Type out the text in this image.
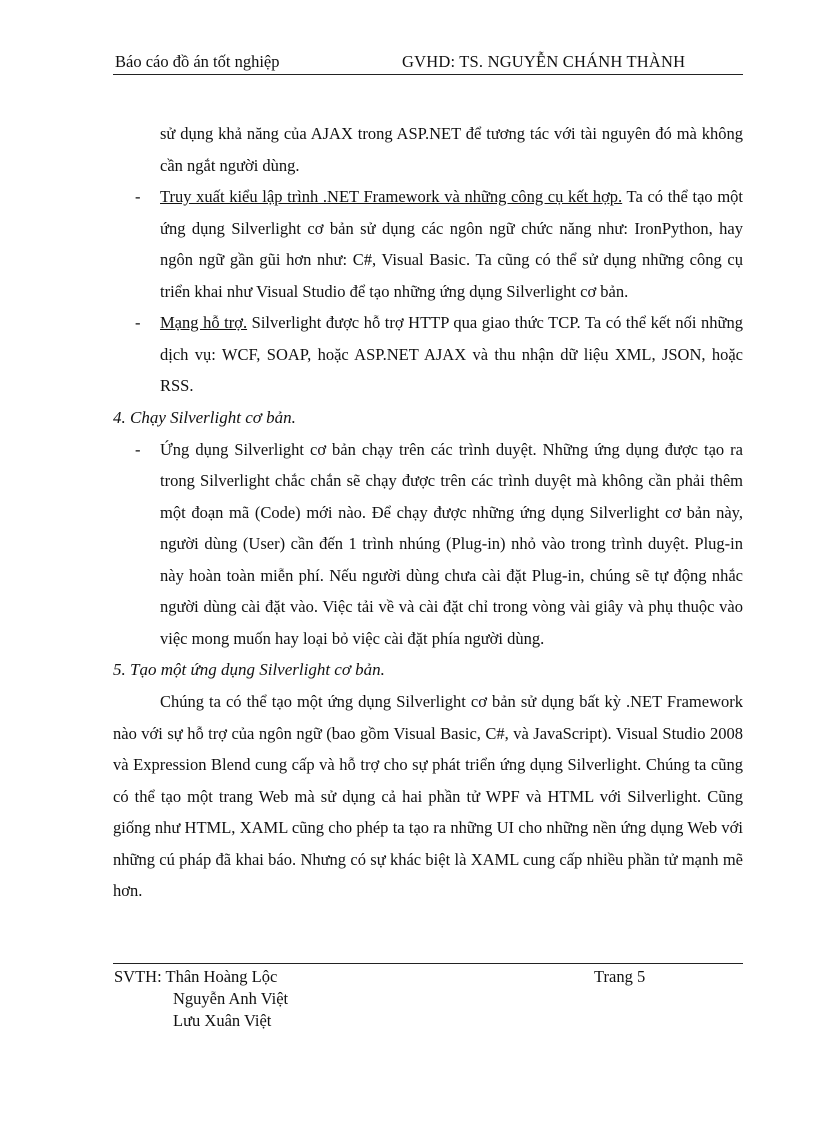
Báo cáo đồ án tốt nghiệp	GVHD: TS. NGUYỄN CHÁNH THÀNH

sử dụng khả năng của AJAX trong ASP.NET để tương tác với tài nguyên đó mà không cần ngắt người dùng.

- Truy xuất kiểu lập trình .NET Framework và những công cụ kết hợp. Ta có thể tạo một ứng dụng Silverlight cơ bản sử dụng các ngôn ngữ chức năng như: IronPython, hay ngôn ngữ gần gũi hơn như: C#, Visual Basic. Ta cũng có thể sử dụng những công cụ triển khai như Visual Studio để tạo những ứng dụng Silverlight cơ bản.

- Mạng hỗ trợ. Silverlight được hỗ trợ HTTP qua giao thức TCP. Ta có thể kết nối những dịch vụ: WCF, SOAP, hoặc ASP.NET AJAX và thu nhận dữ liệu XML, JSON, hoặc RSS.

4. Chạy Silverlight cơ bản.

- Ứng dụng Silverlight cơ bản chạy trên các trình duyệt. Những ứng dụng được tạo ra trong Silverlight chắc chắn sẽ chạy được trên các trình duyệt mà không cần phải thêm một đoạn mã (Code) mới nào. Để chạy được những ứng dụng Silverlight cơ bản này, người dùng (User) cần đến 1 trình nhúng (Plug-in) nhỏ vào trong trình duyệt. Plug-in này hoàn toàn miễn phí. Nếu người dùng chưa cài đặt Plug-in, chúng sẽ tự động nhắc người dùng cài đặt vào. Việc tải về và cài đặt chỉ trong vòng vài giây và phụ thuộc vào việc mong muốn hay loại bỏ việc cài đặt phía người dùng.

5. Tạo một ứng dụng Silverlight cơ bản.

Chúng ta có thể tạo một ứng dụng Silverlight cơ bản sử dụng bất kỳ .NET Framework nào với sự hỗ trợ của ngôn ngữ (bao gồm Visual Basic, C#, và JavaScript). Visual Studio 2008 và Expression Blend cung cấp và hỗ trợ cho sự phát triển ứng dụng Silverlight. Chúng ta cũng có thể tạo một trang Web mà sử dụng cả hai phần tử WPF và HTML với Silverlight. Cũng giống như HTML, XAML cũng cho phép ta tạo ra những UI cho những nền ứng dụng Web với những cú pháp đã khai báo. Nhưng có sự khác biệt là XAML cung cấp nhiều phần tử mạnh mẽ hơn.

SVTH: Thân Hoàng Lộc
Nguyễn Anh Việt
Lưu Xuân Việt
Trang 5
